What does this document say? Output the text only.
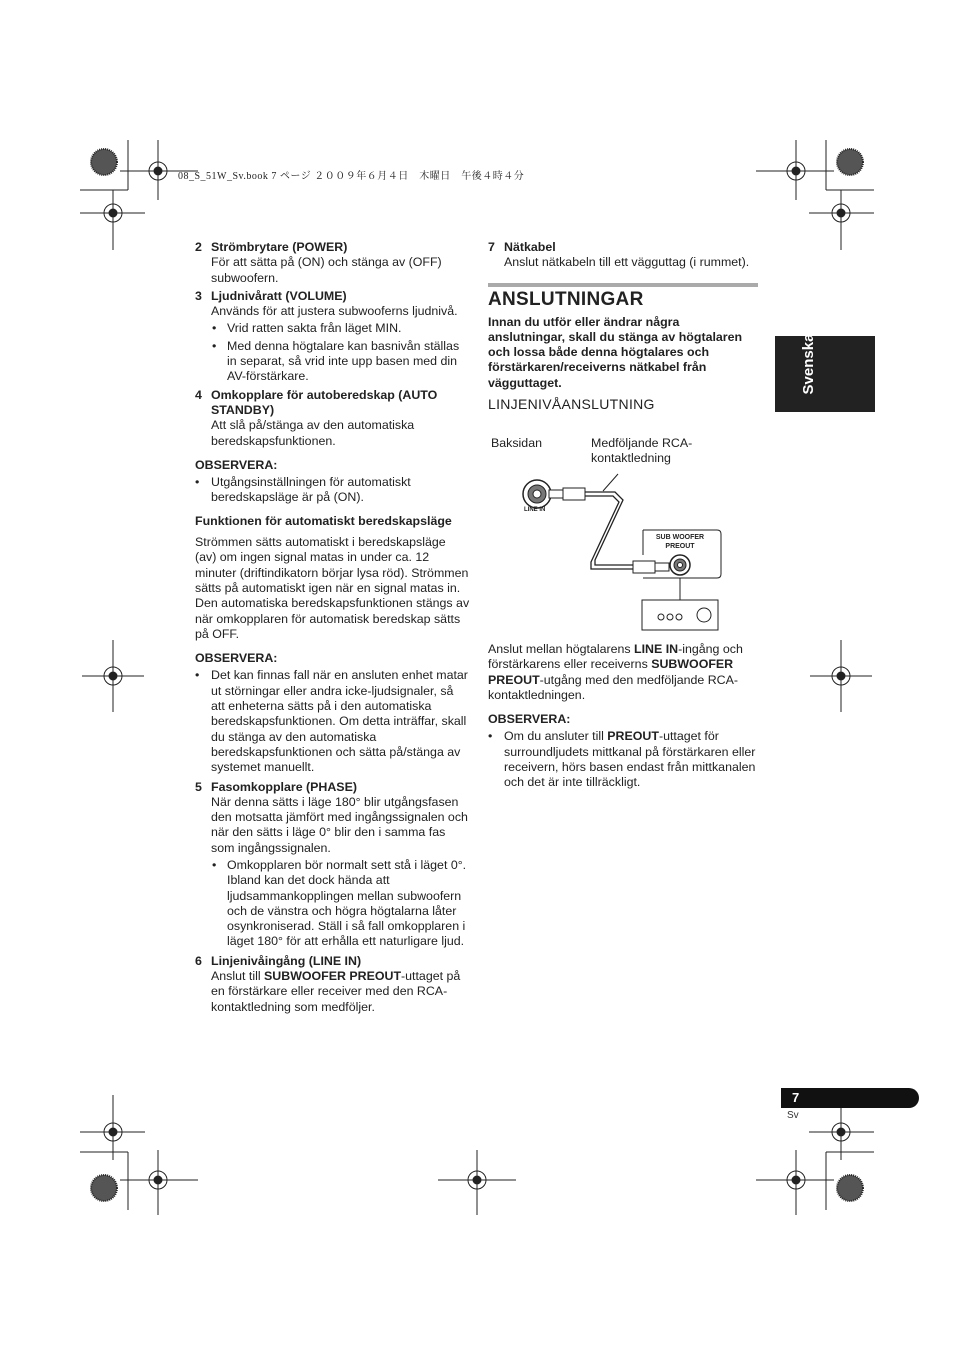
08_S_51W_Sv.book 7 ページ ２００９年６月４日　木曜日　午後４時４分
2 Strömbrytare (POWER)
För att sätta på (ON) och stänga av (OFF) subwoofern.
3 Ljudnivåratt (VOLUME)
Används för att justera subwooferns ljudnivå.
• Vrid ratten sakta från läget MIN.
• Med denna högtalare kan basnivån ställas in separat, så vrid inte upp basen med din AV-förstärkare.
4 Omkopplare för autoberedskap (AUTO STANDBY)
Att slå på/stänga av den automatiska beredskapsfunktionen.
OBSERVERA:
• Utgångsinställningen för automatiskt beredskapsläge är på (ON).
Funktionen för automatiskt beredskapsläge
Strömmen sätts automatiskt i beredskapsläge (av) om ingen signal matas in under ca. 12 minuter (driftindikatorn börjar lysa röd). Strömmen sätts på automatiskt igen när en signal matas in. Den automatiska beredskapsfunktionen stängs av när omkopplaren för automatisk beredskap sätts på OFF.
OBSERVERA:
• Det kan finnas fall när en ansluten enhet matar ut störningar eller andra icke-ljudsignaler, så att enheterna sätts på i den automatiska beredskapsfunktionen. Om detta inträffar, skall du stänga av den automatiska beredskapsfunktionen och sätta på/stänga av systemet manuellt.
5 Fasomkopplare (PHASE)
När denna sätts i läge 180° blir utgångsfasen den motsatta jämfört med ingångssignalen och när den sätts i läge 0° blir den i samma fas som ingångssignalen.
• Omkopplaren bör normalt sett stå i läget 0°.
Ibland kan det dock hända att ljudsammankopplingen mellan subwoofern och de vänstra och högra högtalarna låter osynkroniserad. Ställ i så fall omkopplaren i läget 180° för att erhålla ett naturligare ljud.
6 Linjenivåingång (LINE IN)
Anslut till SUBWOOFER PREOUT-uttaget på en förstärkare eller receiver med den RCA-kontaktledning som medföljer.
7 Nätkabel
Anslut nätkabeln till ett vägguttag (i rummet).
ANSLUTNINGAR
Innan du utför eller ändrar några anslutningar, skall du stänga av högtalaren och lossa både denna högtalares och förstärkaren/receiverns nätkabel från vägguttaget.
LINJENIVÅANSLUTNING
Baksidan	Medföljande RCA-kontaktledning
LINE IN
SUB WOOFER
PREOUT
Anslut mellan högtalarens LINE IN-ingång och förstärkarens eller receiverns SUBWOOFER PREOUT-utgång med den medföljande RCA-kontaktledningen.
OBSERVERA:
• Om du ansluter till PREOUT-uttaget för surroundljudets mittkanal på förstärkaren eller receivern, hörs basen endast från mittkanalen och det är inte tillräckligt.
Svenska
7
Sv
